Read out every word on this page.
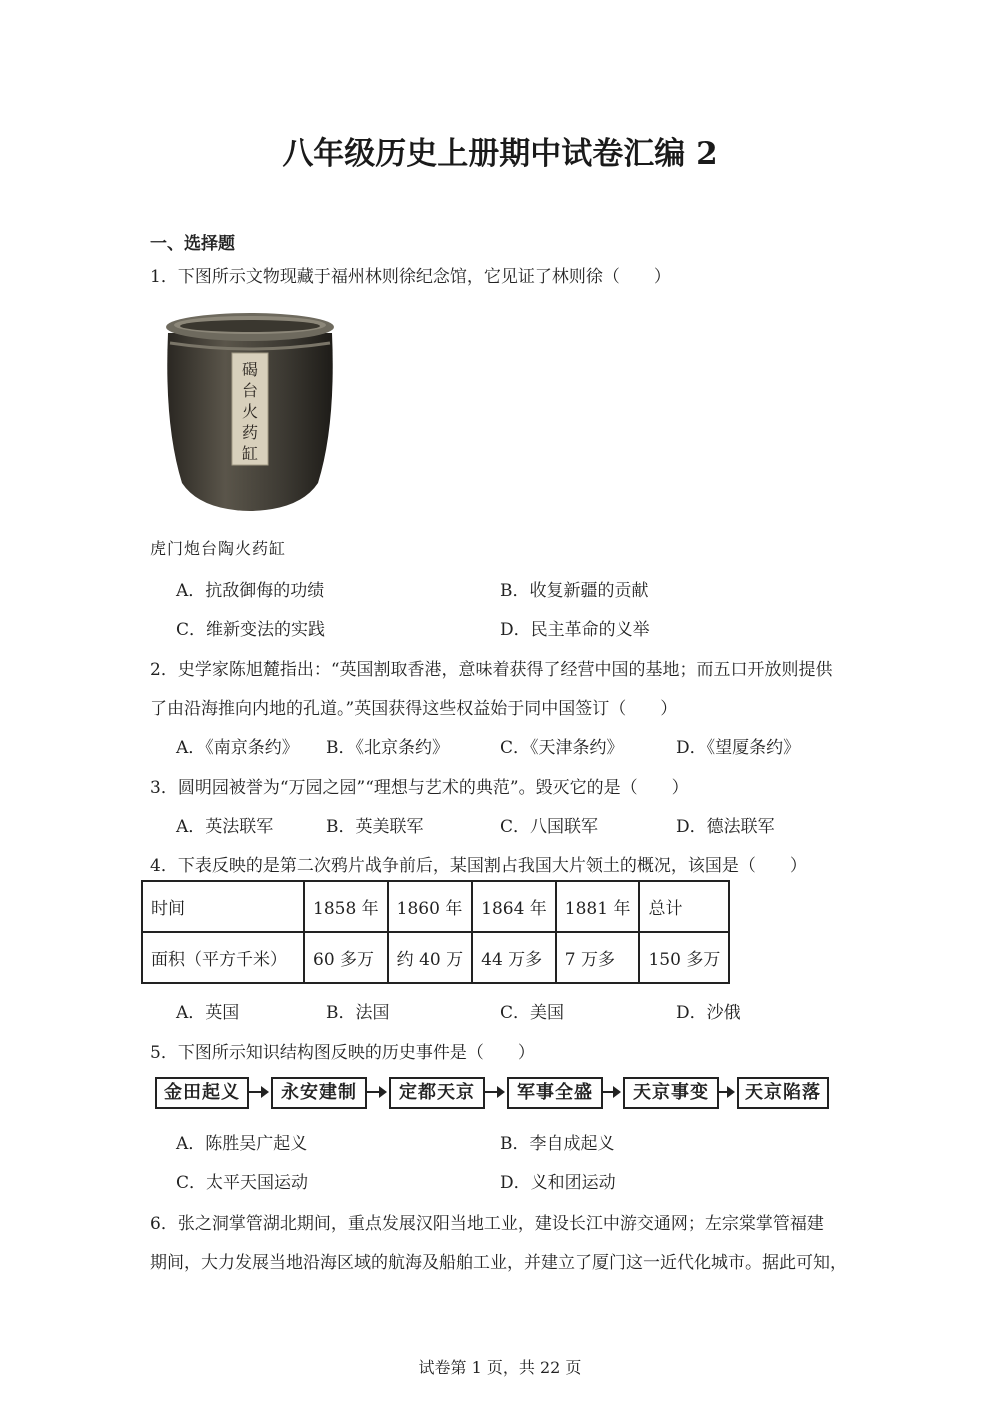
八年级历史上册期中试卷汇编 2
一、选择题
1．下图所示文物现藏于福州林则徐纪念馆，它见证了林则徐（　　）
碣台火药缸
虎门炮台陶火药缸
A．抗敌御侮的功绩	B．收复新疆的贡献
C．维新变法的实践	D．民主革命的义举
2．史学家陈旭麓指出：“英国割取香港，意味着获得了经营中国的基地；而五口开放则提供
了由沿海推向内地的孔道。”英国获得这些权益始于同中国签订（　　）
A．《南京条约》 B．《北京条约》	C．《天津条约》	D．《望厦条约》
3．圆明园被誉为“万园之园”“理想与艺术的典范”。毁灭它的是（　　）
A．英法联军	B．英美联军	C．八国联军	D．德法联军
4．下表反映的是第二次鸦片战争前后，某国割占我国大片领土的概况，该国是（　　）
时间	1858 年	1860 年	1864 年	1881 年	总计
面积（平方千米）	60 多万	约 40 万	44 万多	7 万多	150 多万
A．英国	B．法国	C．美国	D．沙俄
5．下图所示知识结构图反映的历史事件是（　　）
金田起义	永安建制	定都天京	军事全盛	天京事变	天京陷落
A．陈胜吴广起义	B．李自成起义
C．太平天国运动	D．义和团运动
6．张之洞掌管湖北期间，重点发展汉阳当地工业，建设长江中游交通网；左宗棠掌管福建
期间，大力发展当地沿海区域的航海及船舶工业，并建立了厦门这一近代化城市。据此可知，
试卷第 1 页，共 22 页
